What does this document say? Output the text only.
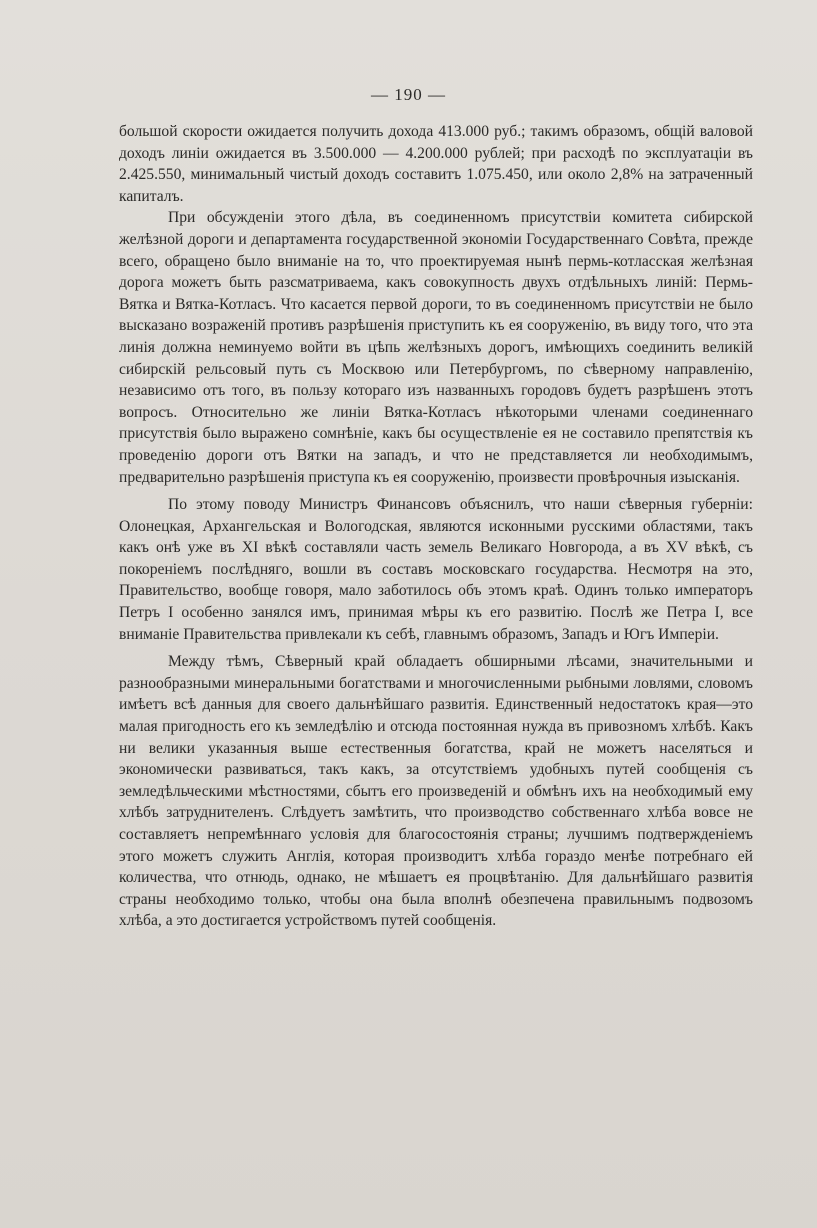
— 190 —

большой скорости ожидается получить дохода 413.000 руб.; такимъ образомъ, общій валовой доходъ линіи ожидается въ 3.500.000 — 4.200.000 рублей; при расходѣ по эксплуатаціи въ 2.425.550, минимальный чистый доходъ составитъ 1.075.450, или около 2,8% на затраченный капиталъ.

При обсужденіи этого дѣла, въ соединенномъ присутствіи комитета сибирской желѣзной дороги и департамента государственной экономіи Государственнаго Совѣта, прежде всего, обращено было вниманіе на то, что проектируемая нынѣ пермь-котласская желѣзная дорога можетъ быть разсматриваема, какъ совокупность двухъ отдѣльныхъ линій: Пермь-Вятка и Вятка-Котласъ. Что касается первой дороги, то въ соединенномъ присутствіи не было высказано возраженій противъ разрѣшенія приступить къ ея сооруженію, въ виду того, что эта линія должна неминуемо войти въ цѣпь желѣзныхъ дорогъ, имѣющихъ соединить великій сибирскій рельсовый путь съ Москвою или Петербургомъ, по сѣверному направленію, независимо отъ того, въ пользу котораго изъ названныхъ городовъ будетъ разрѣшенъ этотъ вопросъ. Относительно же линіи Вятка-Котласъ нѣкоторыми членами соединеннаго присутствія было выражено сомнѣніе, какъ бы осуществленіе ея не составило препятствія къ проведенію дороги отъ Вятки на западъ, и что не представляется ли необходимымъ, предварительно разрѣшенія приступа къ ея сооруженію, произвести провѣрочныя изысканія.

По этому поводу Министръ Финансовъ объяснилъ, что наши сѣверныя губерніи: Олонецкая, Архангельская и Вологодская, являются исконными русскими областями, такъ какъ онѣ уже въ XI вѣкѣ составляли часть земель Великаго Новгорода, а въ XV вѣкѣ, съ покореніемъ послѣдняго, вошли въ составъ московскаго государства. Несмотря на это, Правительство, вообще говоря, мало заботилось объ этомъ краѣ. Одинъ только императоръ Петръ I особенно занялся имъ, принимая мѣры къ его развитію. Послѣ же Петра I, все вниманіе Правительства привлекали къ себѣ, главнымъ образомъ, Западъ и Югъ Имперіи.

Между тѣмъ, Сѣверный край обладаетъ обширными лѣсами, значительными и разнообразными минеральными богатствами и многочисленными рыбными ловлями, словомъ имѣетъ всѣ данныя для своего дальнѣйшаго развитія. Единственный недостатокъ края—это малая пригодность его къ земледѣлію и отсюда постоянная нужда въ привозномъ хлѣбѣ. Какъ ни велики указанныя выше естественныя богатства, край не можетъ населяться и экономически развиваться, такъ какъ, за отсутствіемъ удобныхъ путей сообщенія съ земледѣльческими мѣстностями, сбытъ его произведеній и обмѣнъ ихъ на необходимый ему хлѣбъ затруднителенъ. Слѣдуетъ замѣтить, что производство собственнаго хлѣба вовсе не составляетъ непремѣннаго условія для благосостоянія страны; лучшимъ подтвержденіемъ этого можетъ служить Англія, которая производитъ хлѣба гораздо менѣе потребнаго ей количества, что отнюдь, однако, не мѣшаетъ ея процвѣтанію. Для дальнѣйшаго развитія страны необходимо только, чтобы она была вполнѣ обезпечена правильнымъ подвозомъ хлѣба, а это достигается устройствомъ путей сообщенія.
